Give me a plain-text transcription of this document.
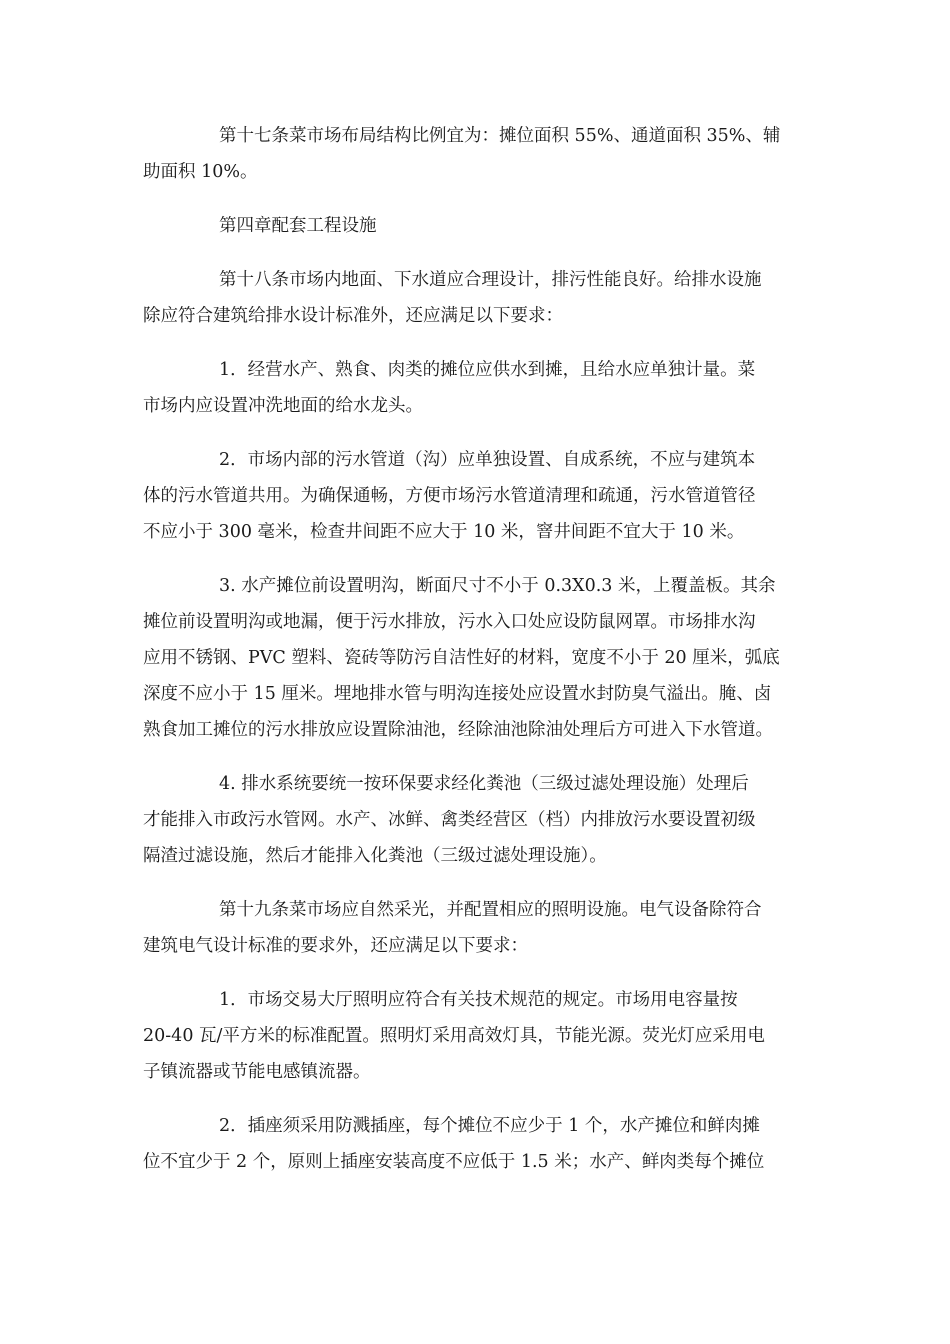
第十七条菜市场布局结构比例宜为：摊位面积 55%、通道面积 35%、辅
助面积 10%。

第四章配套工程设施

第十八条市场内地面、下水道应合理设计，排污性能良好。给排水设施
除应符合建筑给排水设计标准外，还应满足以下要求：

1．经营水产、熟食、肉类的摊位应供水到摊，且给水应单独计量。菜
市场内应设置冲洗地面的给水龙头。

2．市场内部的污水管道（沟）应单独设置、自成系统，不应与建筑本
体的污水管道共用。为确保通畅，方便市场污水管道清理和疏通，污水管道管径
不应小于 300 毫米，检查井间距不应大于 10 米，窨井间距不宜大于 10 米。

3. 水产摊位前设置明沟，断面尺寸不小于 0.3X0.3 米，上覆盖板。其余
摊位前设置明沟或地漏，便于污水排放，污水入口处应设防鼠网罩。市场排水沟
应用不锈钢、PVC 塑料、瓷砖等防污自洁性好的材料，宽度不小于 20 厘米，弧底
深度不应小于 15 厘米。埋地排水管与明沟连接处应设置水封防臭气溢出。腌、卤
熟食加工摊位的污水排放应设置除油池，经除油池除油处理后方可进入下水管道。

4. 排水系统要统一按环保要求经化粪池（三级过滤处理设施）处理后
才能排入市政污水管网。水产、冰鲜、禽类经营区（档）内排放污水要设置初级
隔渣过滤设施，然后才能排入化粪池（三级过滤处理设施）。

第十九条菜市场应自然采光，并配置相应的照明设施。电气设备除符合
建筑电气设计标准的要求外，还应满足以下要求：

1．市场交易大厅照明应符合有关技术规范的规定。市场用电容量按
20-40 瓦/平方米的标准配置。照明灯采用高效灯具，节能光源。荧光灯应采用电
子镇流器或节能电感镇流器。

2．插座须采用防溅插座，每个摊位不应少于 1 个，水产摊位和鲜肉摊
位不宜少于 2 个，原则上插座安装高度不应低于 1.5 米；水产、鲜肉类每个摊位
